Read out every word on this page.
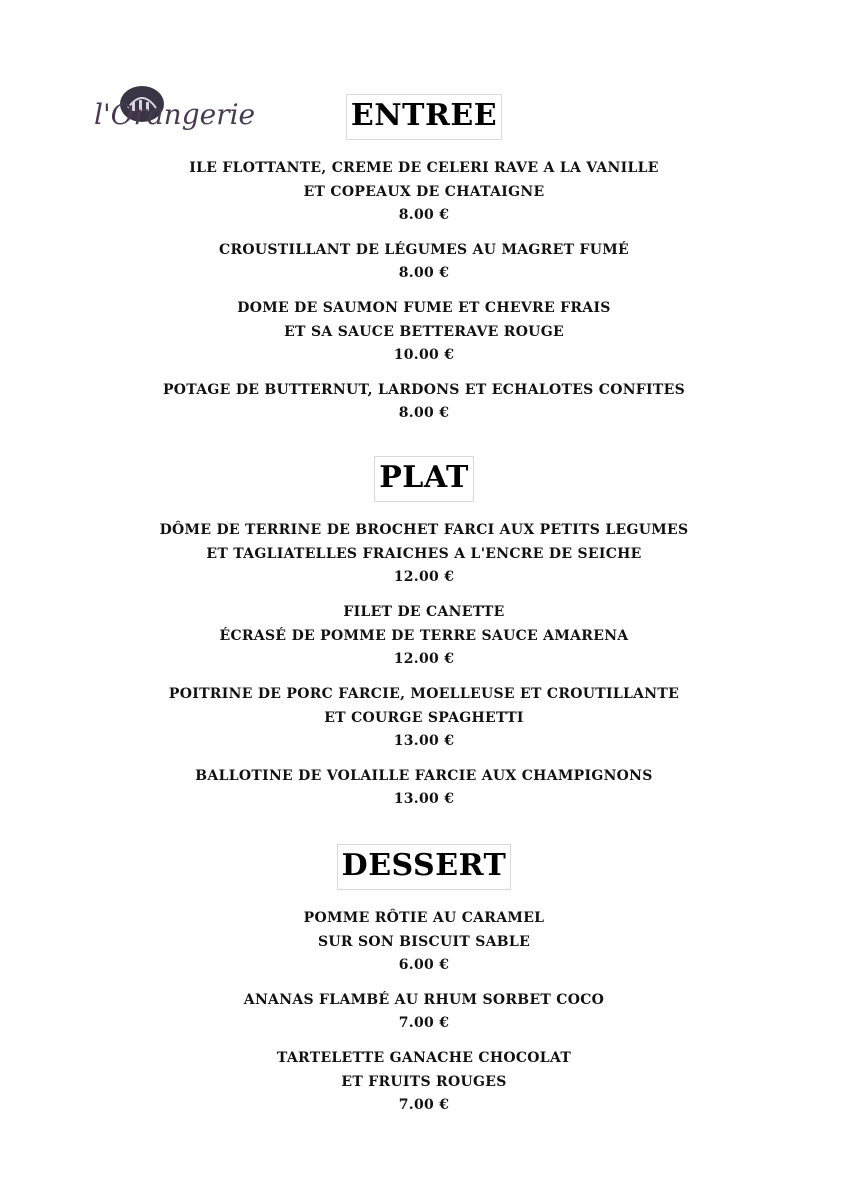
l'Orangerie	ENTREE

ILE FLOTTANTE, CREME DE CELERI RAVE A LA VANILLE
ET COPEAUX DE CHATAIGNE
8.00 €

CROUSTILLANT DE LÉGUMES AU MAGRET FUMÉ
8.00 €

DOME DE SAUMON FUME ET CHEVRE FRAIS
ET SA SAUCE BETTERAVE ROUGE
10.00 €

POTAGE DE BUTTERNUT, LARDONS ET ECHALOTES CONFITES
8.00 €

PLAT

DÔME DE TERRINE DE BROCHET FARCI AUX PETITS LEGUMES
ET TAGLIATELLES FRAICHES A L'ENCRE DE SEICHE
12.00 €

FILET DE CANETTE
ÉCRASÉ DE POMME DE TERRE SAUCE AMARENA
12.00 €

POITRINE DE PORC FARCIE, MOELLEUSE ET CROUTILLANTE
ET COURGE SPAGHETTI
13.00 €

BALLOTINE DE VOLAILLE FARCIE AUX CHAMPIGNONS
13.00 €

DESSERT

POMME RÔTIE AU CARAMEL
SUR SON BISCUIT SABLE
6.00 €

ANANAS FLAMBÉ AU RHUM SORBET COCO
7.00 €

TARTELETTE GANACHE CHOCOLAT
ET FRUITS ROUGES
7.00 €
